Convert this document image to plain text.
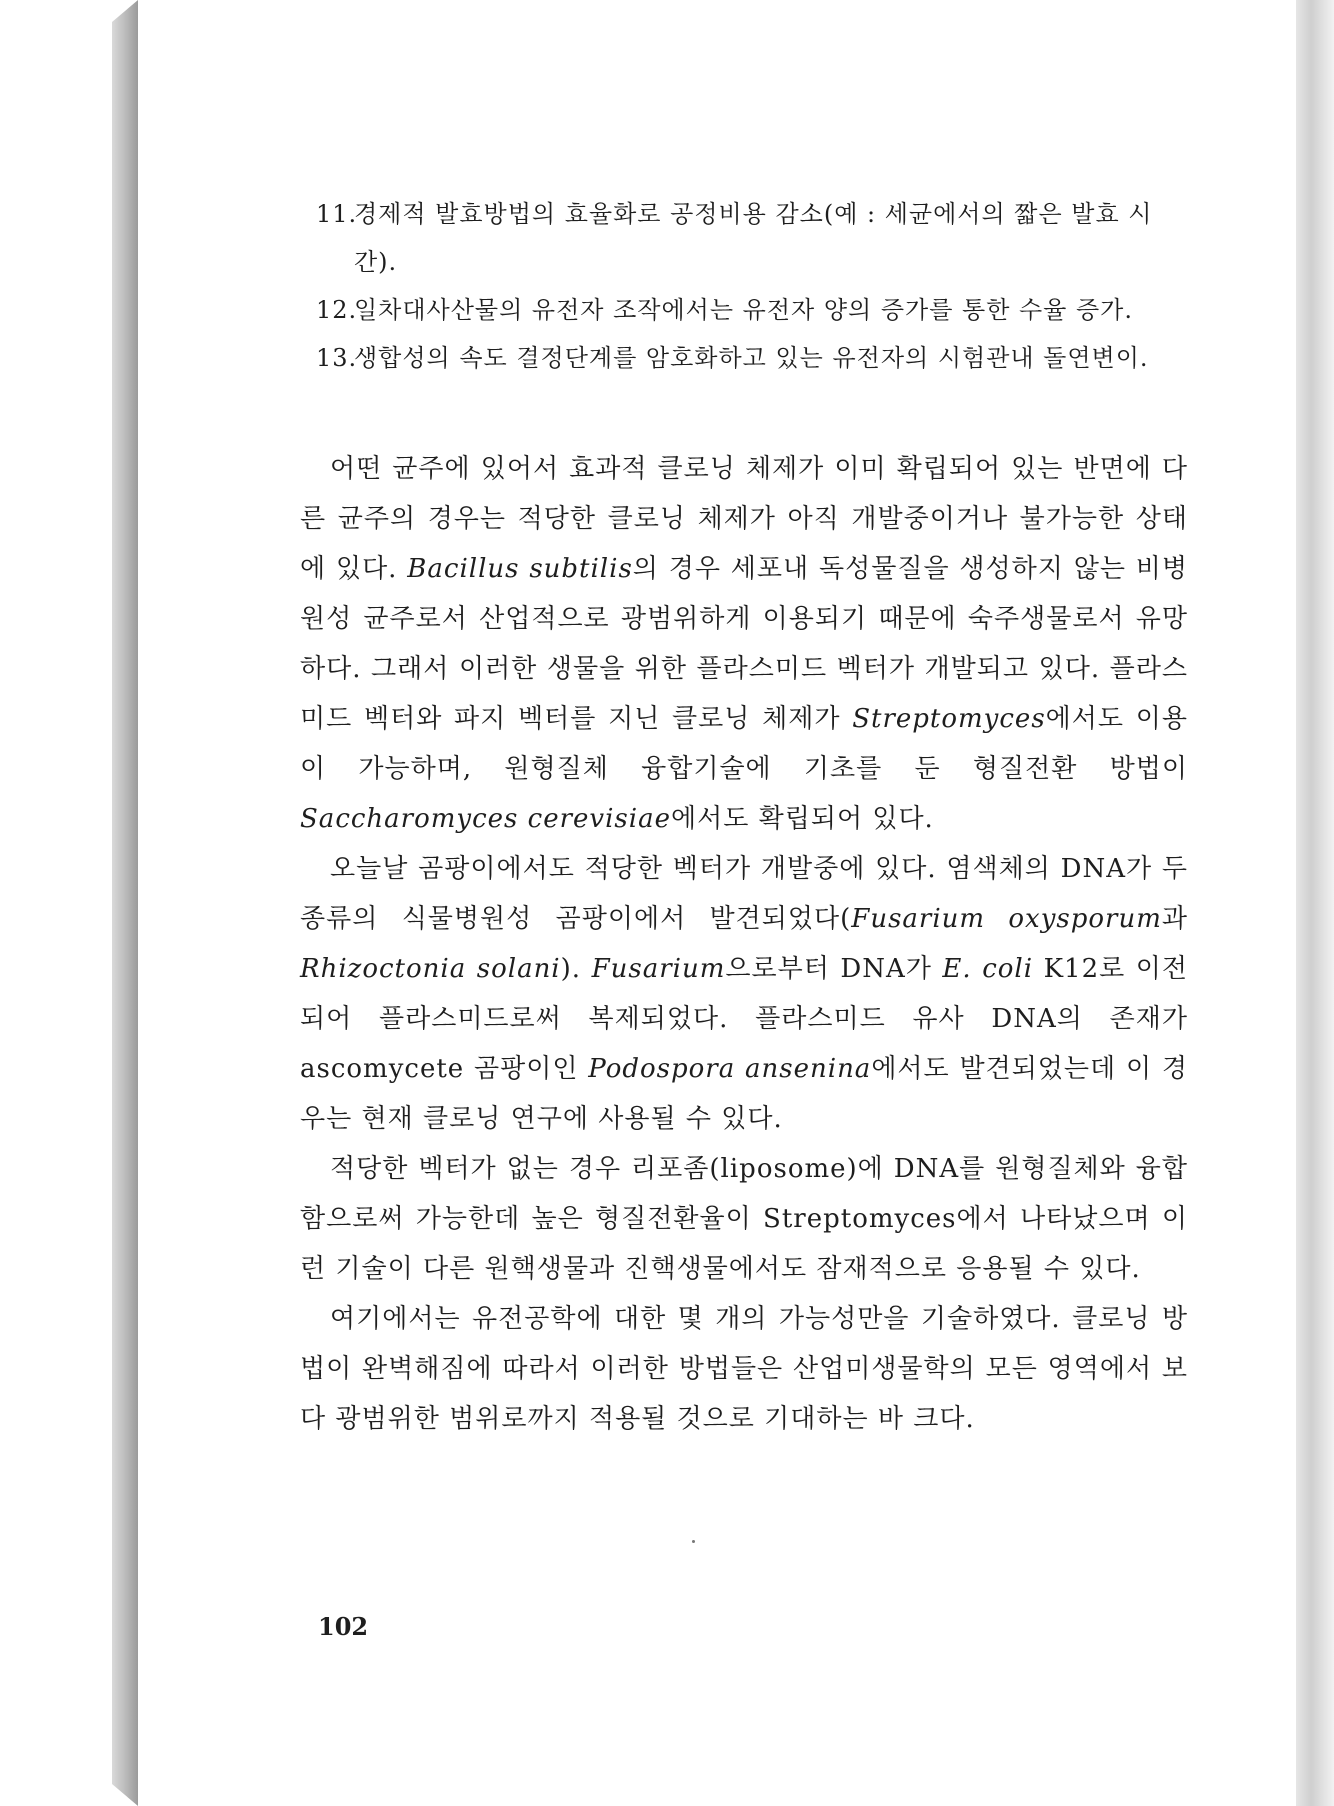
11.
경제적 발효방법의 효율화로 공정비용 감소(예 : 세균에서의 짧은 발효 시간).
12.
일차대사산물의 유전자 조작에서는 유전자 양의 증가를 통한 수율 증가.
13.
생합성의 속도 결정단계를 암호화하고 있는 유전자의 시험관내 돌연변이.

어떤 균주에 있어서 효과적 클로닝 체제가 이미 확립되어 있는 반면에 다른 균주의 경우는 적당한 클로닝 체제가 아직 개발중이거나 불가능한 상태에 있다. Bacillus subtilis의 경우 세포내 독성물질을 생성하지 않는 비병원성 균주로서 산업적으로 광범위하게 이용되기 때문에 숙주생물로서 유망하다. 그래서 이러한 생물을 위한 플라스미드 벡터가 개발되고 있다. 플라스미드 벡터와 파지 벡터를 지닌 클로닝 체제가 Streptomyces에서도 이용이 가능하며, 원형질체 융합기술에 기초를 둔 형질전환 방법이 Saccharomyces cerevisiae에서도 확립되어 있다.

오늘날 곰팡이에서도 적당한 벡터가 개발중에 있다. 염색체의 DNA가 두 종류의 식물병원성 곰팡이에서 발견되었다(Fusarium oxysporum과 Rhizoctonia solani). Fusarium으로부터 DNA가 E. coli K12로 이전되어 플라스미드로써 복제되었다. 플라스미드 유사 DNA의 존재가 ascomycete 곰팡이인 Podospora ansenina에서도 발견되었는데 이 경우는 현재 클로닝 연구에 사용될 수 있다.

적당한 벡터가 없는 경우 리포좀(liposome)에 DNA를 원형질체와 융합함으로써 가능한데 높은 형질전환율이 Streptomyces에서 나타났으며 이런 기술이 다른 원핵생물과 진핵생물에서도 잠재적으로 응용될 수 있다.

여기에서는 유전공학에 대한 몇 개의 가능성만을 기술하였다. 클로닝 방법이 완벽해짐에 따라서 이러한 방법들은 산업미생물학의 모든 영역에서 보다 광범위한 범위로까지 적용될 것으로 기대하는 바 크다.

102
